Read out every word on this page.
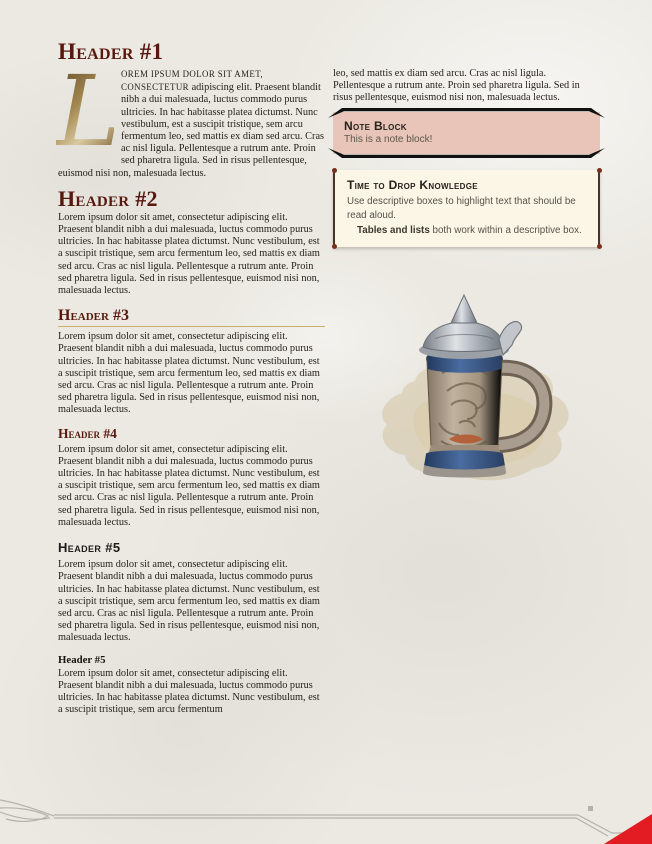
Header #1

L OREM IPSUM DOLOR SIT AMET, CONSECTETUR adipiscing elit. Praesent blandit nibh a dui malesuada, luctus commodo purus ultricies. In hac habitasse platea dictumst. Nunc vestibulum, est a suscipit tristique, sem arcu fermentum leo, sed mattis ex diam sed arcu. Cras ac nisl ligula. Pellentesque a rutrum ante. Proin sed pharetra ligula. Sed in risus pellentesque, euismod nisi non, malesuada lectus.

Header #2

Lorem ipsum dolor sit amet, consectetur adipiscing elit. Praesent blandit nibh a dui malesuada, luctus commodo purus ultricies. In hac habitasse platea dictumst. Nunc vestibulum, est a suscipit tristique, sem arcu fermentum leo, sed mattis ex diam sed arcu. Cras ac nisl ligula. Pellentesque a rutrum ante. Proin sed pharetra ligula. Sed in risus pellentesque, euismod nisi non, malesuada lectus.

Header #3

Lorem ipsum dolor sit amet, consectetur adipiscing elit. Praesent blandit nibh a dui malesuada, luctus commodo purus ultricies. In hac habitasse platea dictumst. Nunc vestibulum, est a suscipit tristique, sem arcu fermentum leo, sed mattis ex diam sed arcu. Cras ac nisl ligula. Pellentesque a rutrum ante. Proin sed pharetra ligula. Sed in risus pellentesque, euismod nisi non, malesuada lectus.

Header #4

Lorem ipsum dolor sit amet, consectetur adipiscing elit. Praesent blandit nibh a dui malesuada, luctus commodo purus ultricies. In hac habitasse platea dictumst. Nunc vestibulum, est a suscipit tristique, sem arcu fermentum leo, sed mattis ex diam sed arcu. Cras ac nisl ligula. Pellentesque a rutrum ante. Proin sed pharetra ligula. Sed in risus pellentesque, euismod nisi non, malesuada lectus.

Header #5

Lorem ipsum dolor sit amet, consectetur adipiscing elit. Praesent blandit nibh a dui malesuada, luctus commodo purus ultricies. In hac habitasse platea dictumst. Nunc vestibulum, est a suscipit tristique, sem arcu fermentum leo, sed mattis ex diam sed arcu. Cras ac nisl ligula. Pellentesque a rutrum ante. Proin sed pharetra ligula. Sed in risus pellentesque, euismod nisi non, malesuada lectus.

Header #5

Lorem ipsum dolor sit amet, consectetur adipiscing elit. Praesent blandit nibh a dui malesuada, luctus commodo purus ultricies. In hac habitasse platea dictumst. Nunc vestibulum, est a suscipit tristique, sem arcu fermentum

leo, sed mattis ex diam sed arcu. Cras ac nisl ligula. Pellentesque a rutrum ante. Proin sed pharetra ligula. Sed in risus pellentesque, euismod nisi non, malesuada lectus.

Note Block
This is a note block!
Time to Drop Knowledge
Use descriptive boxes to highlight text that should be read aloud.
Tables and lists both work within a descriptive box.
